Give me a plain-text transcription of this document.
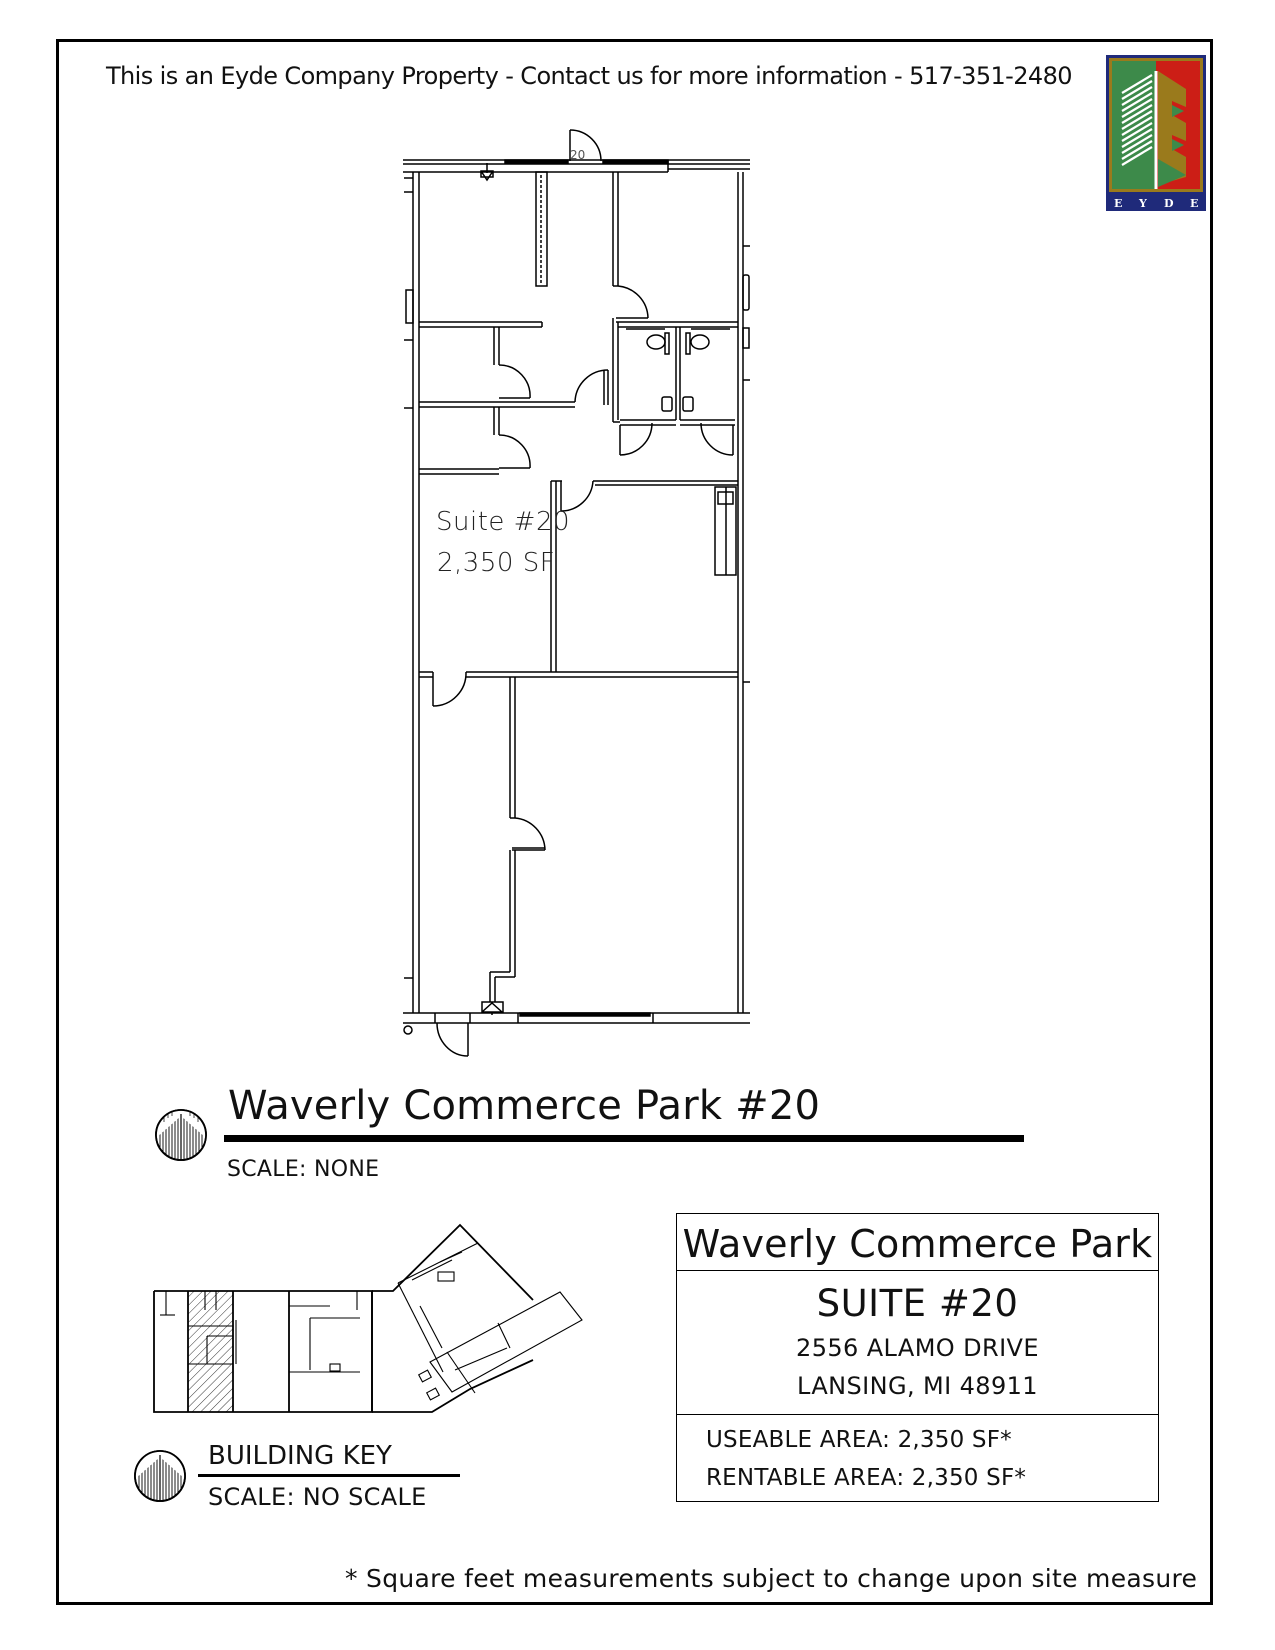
This is an Eyde Company Property - Contact us for more information - 517-351-2480
E Y D E
20
Suite #20
2,350 SF
Waverly Commerce Park #20
SCALE: NONE
BUILDING KEY
SCALE: NO SCALE
Waverly Commerce Park
SUITE #20
2556 ALAMO DRIVE
LANSING, MI 48911
USEABLE AREA: 2,350 SF*
RENTABLE AREA: 2,350 SF*
* Square feet measurements subject to change upon site measure
